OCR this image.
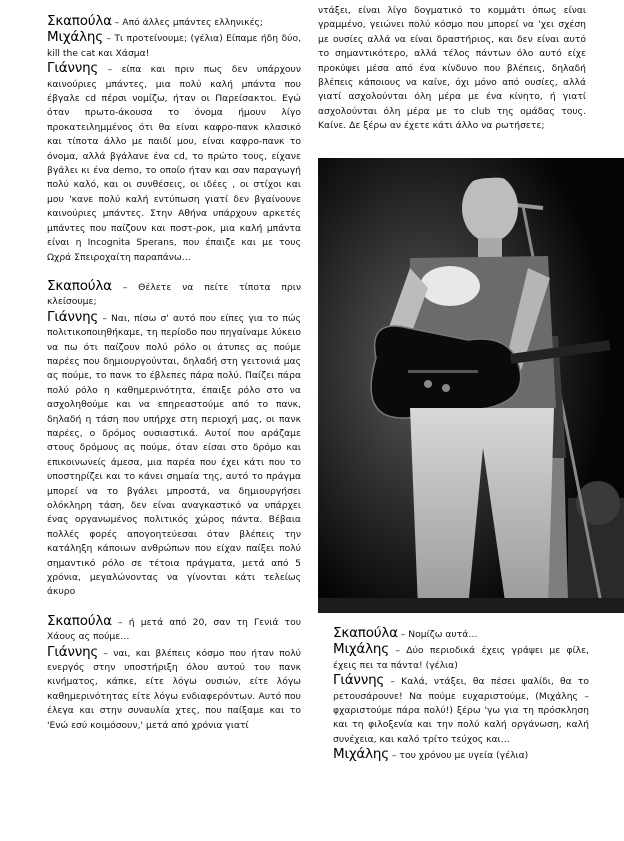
Σκαπούλα – Από άλλες μπάντες ελληνικές;

Μιχάλης – Τι προτείνουμε; (γέλια) Είπαμε ήδη δύο, kill the cat και Χάσμα!

Γιάννης – είπα και πριν πως δεν υπάρχουν καινούριες μπάντες, μια πολύ καλή μπάντα που έβγαλε cd πέρσι νομίζω, ήταν οι Παρείσακτοι. Εγώ όταν πρωτο-άκουσα το όνομα ήμουν λίγο προκατειλημμένος ότι θα είναι καφρο-πανκ κλασικό και τίποτα άλλο με παιδί μου, είναι καφρο-πανκ το όνομα, αλλά βγάλανε ένα cd, το πρώτο τους, είχανε βγάλει κι ένα demo, το οποίο ήταν και σαν παραγωγή πολύ καλό, και οι συνθέσεις, οι ιδέες , οι στίχοι και μου 'κανε πολύ καλή εντύπωση γιατί δεν βγαίνουνε καινούριες μπάντες. Στην Αθήνα υπάρχουν αρκετές μπάντες που παίζουν και ποστ-ροκ, μια καλή μπάντα είναι η Incognita Sperans, που έπαιζε και με τους Ωχρά Σπειροχαίτη παραπάνω…

Σκαπούλα – Θέλετε να πείτε τίποτα πριν κλείσουμε;

Γιάννης – Ναι, πίσω σ' αυτό που είπες για το πώς πολιτικοποιηθήκαμε, τη περίοδο που πηγαίναμε λύκειο να πω ότι παίζουν πολύ ρόλο οι άτυπες ας πούμε παρέες που δημιουργούνται, δηλαδή στη γειτονιά μας ας πούμε, το πανκ το έβλεπες πάρα πολύ. Παίζει πάρα πολύ ρόλο η καθημερινότητα, έπαιξε ρόλο στο να ασχοληθούμε και να επηρεαστούμε από το πανκ, δηλαδή η τάση που υπήρχε στη περιοχή μας, οι πανκ παρέες, ο δρόμος ουσιαστικά. Αυτοί που αράζαμε στους δρόμους ας πούμε, όταν είσαι στο δρόμο και επικοινωνείς άμεσα, μια παρέα που έχει κάτι που το υποστηρίζει και το κάνει σημαία της, αυτό το πράγμα μπορεί να το βγάλει μπροστά, να δημιουργήσει ολόκληρη τάση, δεν είναι αναγκαστικό να υπάρχει ένας οργανωμένος πολιτικός χώρος πάντα. Βέβαια πολλές φορές απογοητεύεσαι όταν βλέπεις την κατάληξη κάποιων ανθρώπων που είχαν παίξει πολύ σημαντικό ρόλο σε τέτοια πράγματα, μετά από 5 χρόνια, μεγαλώνοντας να γίνονται κάτι τελείως άκυρο

Σκαπούλα – ή μετά από 20, σαν τη Γενιά του Χάους ας πούμε…

Γιάννης – ναι, και βλέπεις κόσμο που ήταν πολύ ενεργός στην υποστήριξη όλου αυτού του πανκ κινήματος, κάπκε, είτε λόγω ουσιών, είτε λόγω καθημερινότητας είτε λόγω ενδιαφερόντων. Αυτό που έλεγα και στην συναυλία χτες, που παίξαμε και το 'Ενώ εσύ κοιμόσουν,' μετά από χρόνια γιατί

ντάξει, είναι λίγο δογματικό το κομμάτι όπως είναι γραμμένο, γειώνει πολύ κόσμο που μπορεί να 'χει σχέση με ουσίες αλλά να είναι δραστήριος, και δεν είναι αυτό το σημαντικότερο, αλλά τέλος πάντων όλο αυτό είχε προκύψει μέσα από ένα κίνδυνο που βλέπεις, δηλαδή βλέπεις κάποιους να καίνε, όχι μόνο από ουσίες, αλλά γιατί ασχολούνται όλη μέρα με ένα κίνητο, ή γιατί ασχολούνται όλη μέρα με το club της ομάδας τους. Καίνε. Δε ξέρω αν έχετε κάτι άλλο να ρωτήσετε;

Σκαπούλα – Νομίζω αυτά…

Μιχάλης – Δύο περιοδικά έχεις γράψει με φίλε, έχεις πει τα πάντα! (γέλια)

Γιάννης – Καλά, ντάξει, θα πέσει ψαλίδι, θα το ρετουσάρουνε! Να πούμε ευχαριστούμε, (Μιχάλης – φχαριστούμε πάρα πολύ!) ξέρω 'γω για τη πρόσκληση και τη φιλοξενία και την πολύ καλή οργάνωση, καλή συνέχεια, και καλό τρίτο τεύχος και…

Μιχάλης – του χρόνου με υγεία (γέλια)
